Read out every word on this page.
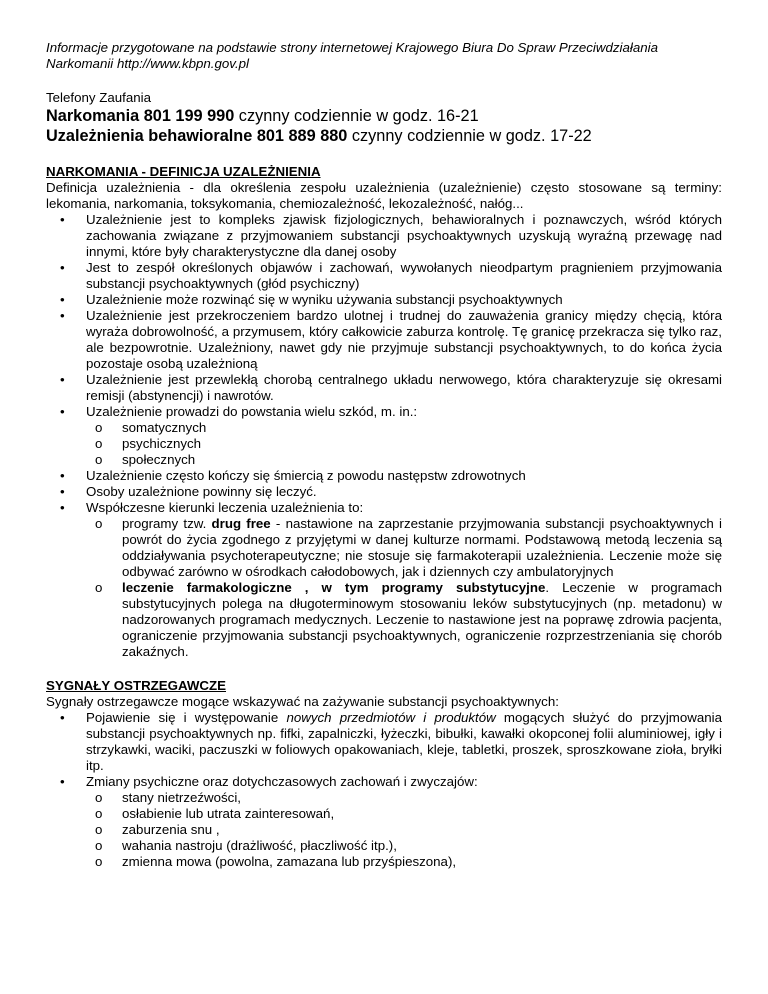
Informacje przygotowane na podstawie strony internetowej Krajowego Biura Do Spraw Przeciwdziałania
Narkomanii http://www.kbpn.gov.pl

Telefony Zaufania

Narkomania 801 199 990 czynny codziennie w godz. 16-21

Uzależnienia behawioralne 801 889 880 czynny codziennie w godz. 17-22

NARKOMANIA - DEFINICJA UZALEŻNIENIA

Definicja uzależnienia - dla określenia zespołu uzależnienia (uzależnienie) często stosowane są terminy: lekomania, narkomania, toksykomania, chemiozależność, lekozależność, nałóg...

• Uzależnienie jest to kompleks zjawisk fizjologicznych, behawioralnych i poznawczych, wśród których zachowania związane z przyjmowaniem substancji psychoaktywnych uzyskują wyraźną przewagę nad innymi, które były charakterystyczne dla danej osoby
• Jest to zespół określonych objawów i zachowań, wywołanych nieodpartym pragnieniem przyjmowania substancji psychoaktywnych (głód psychiczny)
• Uzależnienie może rozwinąć się w wyniku używania substancji psychoaktywnych
• Uzależnienie jest przekroczeniem bardzo ulotnej i trudnej do zauważenia granicy między chęcią, która wyraża dobrowolność, a przymusem, który całkowicie zaburza kontrolę. Tę granicę przekracza się tylko raz, ale bezpowrotnie. Uzależniony, nawet gdy nie przyjmuje substancji psychoaktywnych, to do końca życia pozostaje osobą uzależnioną
• Uzależnienie jest przewlekłą chorobą centralnego układu nerwowego, która charakteryzuje się okresami remisji (abstynencji) i nawrotów.
• Uzależnienie prowadzi do powstania wielu szkód, m. in.:
o somatycznych
o psychicznych
o społecznych
• Uzależnienie często kończy się śmiercią z powodu następstw zdrowotnych
• Osoby uzależnione powinny się leczyć.
• Współczesne kierunki leczenia uzależnienia to:
o programy tzw. drug free - nastawione na zaprzestanie przyjmowania substancji psychoaktywnych i powrót do życia zgodnego z przyjętymi w danej kulturze normami. Podstawową metodą leczenia są oddziaływania psychoterapeutyczne; nie stosuje się farmakoterapii uzależnienia. Leczenie może się odbywać zarówno w ośrodkach całodobowych, jak i dziennych czy ambulatoryjnych
o leczenie farmakologiczne , w tym programy substytucyjne. Leczenie w programach substytucyjnych polega na długoterminowym stosowaniu leków substytucyjnych (np. metadonu) w nadzorowanych programach medycznych. Leczenie to nastawione jest na poprawę zdrowia pacjenta, ograniczenie przyjmowania substancji psychoaktywnych, ograniczenie rozprzestrzeniania się chorób zakaźnych.

SYGNAŁY OSTRZEGAWCZE

Sygnały ostrzegawcze mogące wskazywać na zażywanie substancji psychoaktywnych:

• Pojawienie się i występowanie nowych przedmiotów i produktów mogących służyć do przyjmowania substancji psychoaktywnych np. fifki, zapalniczki, łyżeczki, bibułki, kawałki okopconej folii aluminiowej, igły i strzykawki, waciki, paczuszki w foliowych opakowaniach, kleje, tabletki, proszek, sproszkowane zioła, bryłki itp.
• Zmiany psychiczne oraz dotychczasowych zachowań i zwyczajów:
o stany nietrzeźwości,
o osłabienie lub utrata zainteresowań,
o zaburzenia snu ,
o wahania nastroju (drażliwość, płaczliwość itp.),
o zmienna mowa (powolna, zamazana lub przyśpieszona),
